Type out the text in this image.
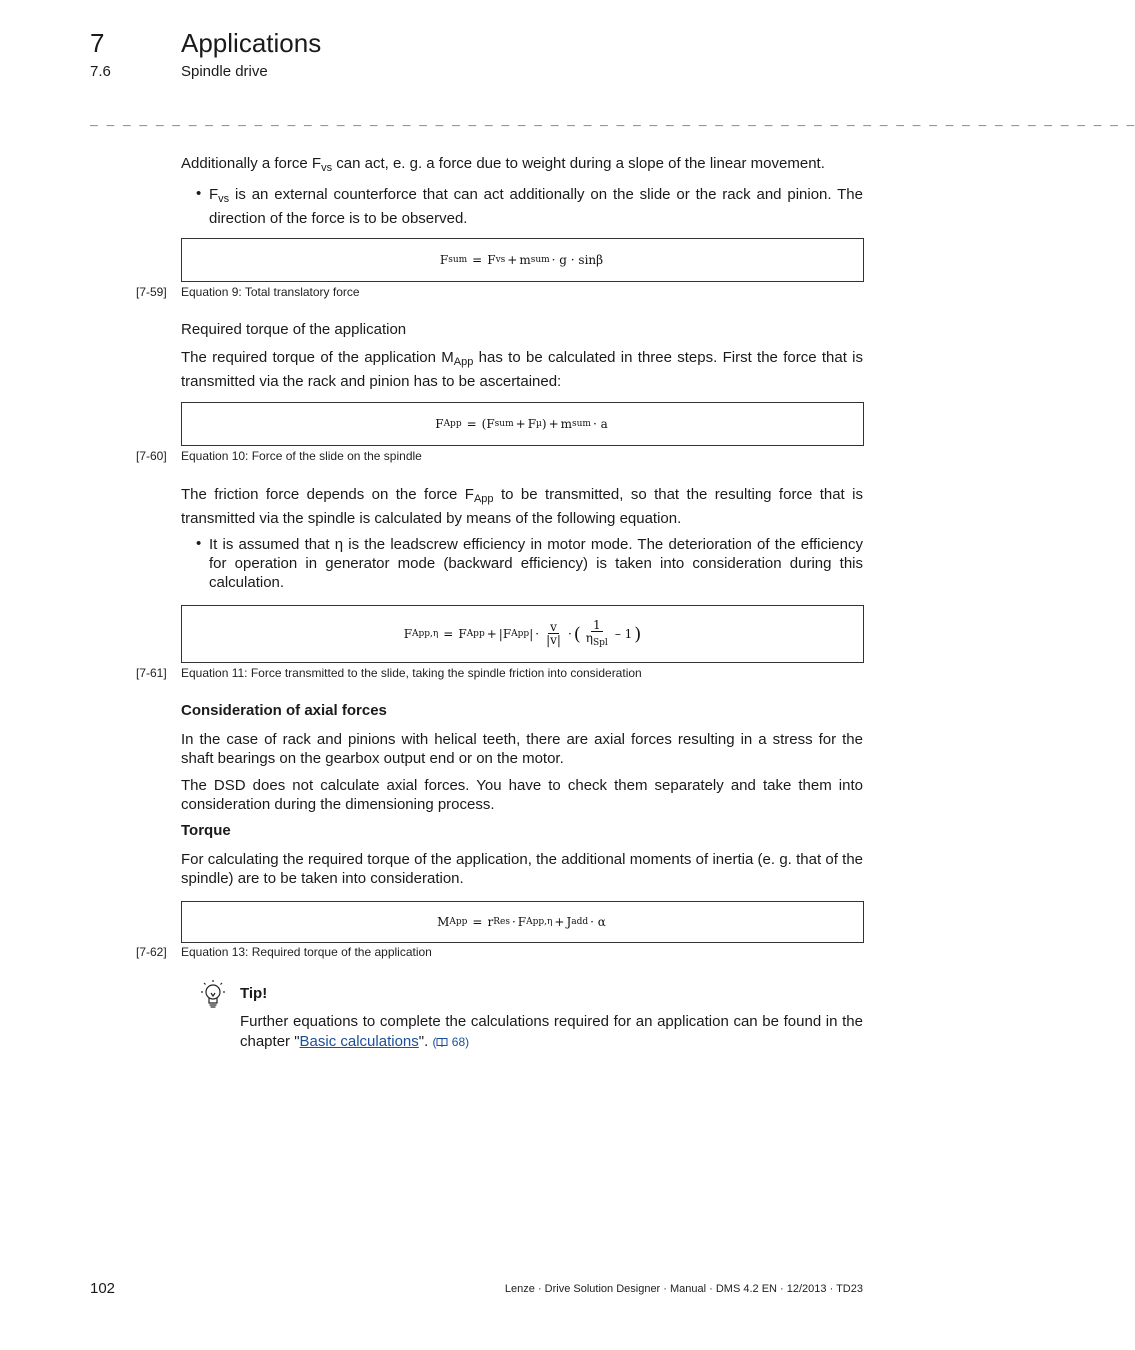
7	Applications
7.6	Spindle drive
_ _ _ _ _ _ _ _ _ _ _ _ _ _ _ _ _ _ _ _ _ _ _ _ _ _ _ _ _ _ _ _ _ _ _ _ _ _ _ _ _ _ _ _ _ _ _ _ _ _ _ _ _ _ _ _ _ _ _ _ _ _ _ _
Additionally a force $F_{vs}$ can act, e. g. a force due to weight during a slope of the linear movement.
• $F_{vs}$ is an external counterforce that can act additionally on the slide or the rack and pinion. The direction of the force is to be observed.
F sum = F vs + m sum · g · sinβ
[7-59] Equation 9: Total translatory force
Required torque of the application
The required torque of the application $M_{App}$ has to be calculated in three steps. First the force that is transmitted via the rack and pinion has to be ascertained:
F App = (F sum + F µ ) + m sum · a
[7-60] Equation 10: Force of the slide on the spindle
The friction force depends on the force $F_{App}$ to be transmitted, so that the resulting force that is transmitted via the spindle is calculated by means of the following equation.
• It is assumed that η is the leadscrew efficiency in motor mode. The deterioration of the efficiency for operation in generator mode (backward efficiency) is taken into consideration during this calculation.
F App,η = F App + |F App | · $\frac{v}{|v|}$ · ( $\frac{1}{\eta_{Spl}} - 1$ )
[7-61] Equation 11: Force transmitted to the slide, taking the spindle friction into consideration
Consideration of axial forces
In the case of rack and pinions with helical teeth, there are axial forces resulting in a stress for the shaft bearings on the gearbox output end or on the motor.
The DSD does not calculate axial forces. You have to check them separately and take them into consideration during the dimensioning process.
Torque
For calculating the required torque of the application, the additional moments of inertia (e. g. that of the spindle) are to be taken into consideration.
M App = r Res · F App,η + J add · α
[7-62] Equation 13: Required torque of the application
Tip!
Further equations to complete the calculations required for an application can be found in the chapter "Basic calculations". ( 68)
102	Lenze · Drive Solution Designer · Manual · DMS 4.2 EN · 12/2013 · TD23
